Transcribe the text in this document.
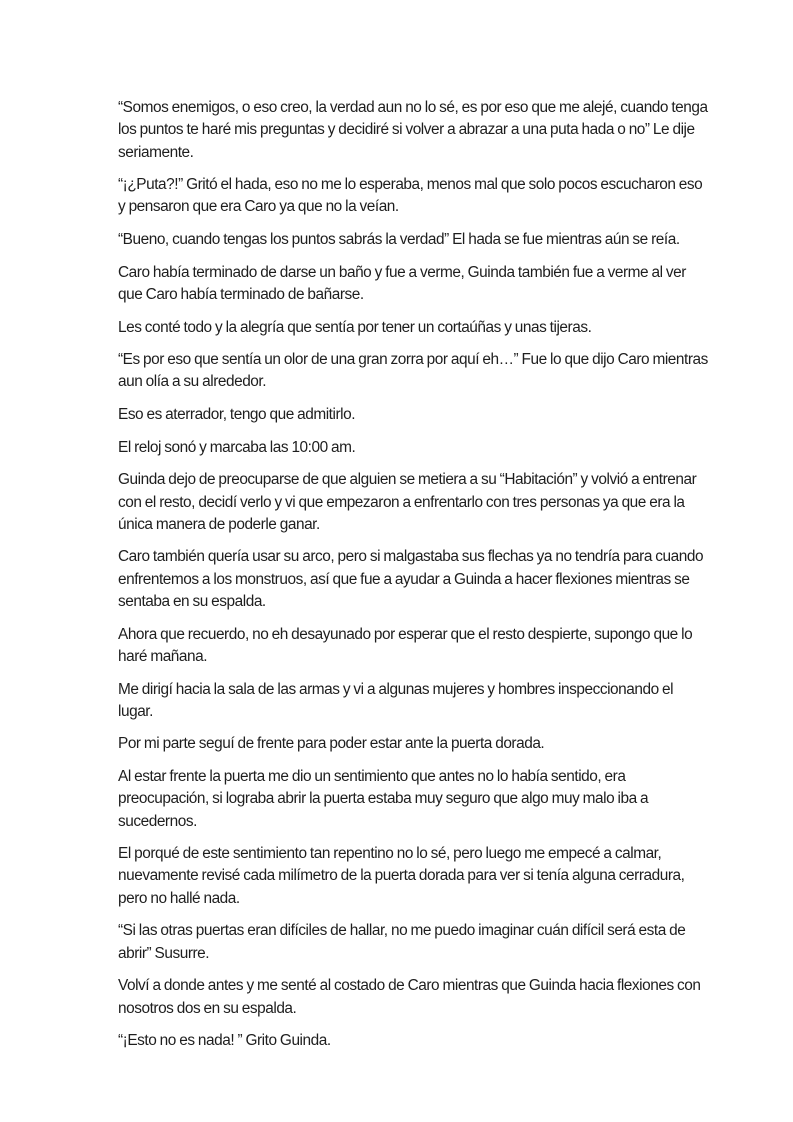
“Somos enemigos, o eso creo, la verdad aun no lo sé, es por eso que me alejé, cuando tenga los puntos te haré mis preguntas y decidiré si volver a abrazar a una puta hada o no” Le dije seriamente.

“¡¿Puta?!” Gritó el hada, eso no me lo esperaba, menos mal que solo pocos escucharon eso y pensaron que era Caro ya que no la veían.

“Bueno, cuando tengas los puntos sabrás la verdad” El hada se fue mientras aún se reía.

Caro había terminado de darse un baño y fue a verme, Guinda también fue a verme al ver que Caro había terminado de bañarse.

Les conté todo y la alegría que sentía por tener un cortaúñas y unas tijeras.

“Es por eso que sentía un olor de una gran zorra por aquí eh…” Fue lo que dijo Caro mientras aun olía a su alrededor.

Eso es aterrador, tengo que admitirlo.

El reloj sonó y marcaba las 10:00 am.

Guinda dejo de preocuparse de que alguien se metiera a su “Habitación” y volvió a entrenar con el resto, decidí verlo y vi que empezaron a enfrentarlo con tres personas ya que era la única manera de poderle ganar.

Caro también quería usar su arco, pero si malgastaba sus flechas ya no tendría para cuando enfrentemos a los monstruos, así que fue a ayudar a Guinda a hacer flexiones mientras se sentaba en su espalda.

Ahora que recuerdo, no eh desayunado por esperar que el resto despierte, supongo que lo haré mañana.

Me dirigí hacia la sala de las armas y vi a algunas mujeres y hombres inspeccionando el lugar.

Por mi parte seguí de frente para poder estar ante la puerta dorada.

Al estar frente la puerta me dio un sentimiento que antes no lo había sentido, era preocupación, si lograba abrir la puerta estaba muy seguro que algo muy malo iba a sucedernos.

El porqué de este sentimiento tan repentino no lo sé, pero luego me empecé a calmar, nuevamente revisé cada milímetro de la puerta dorada para ver si tenía alguna cerradura, pero no hallé nada.

“Si las otras puertas eran difíciles de hallar, no me puedo imaginar cuán difícil será esta de abrir” Susurre.

Volví a donde antes y me senté al costado de Caro mientras que Guinda hacia flexiones con nosotros dos en su espalda.

“¡Esto no es nada! ” Grito Guinda.
